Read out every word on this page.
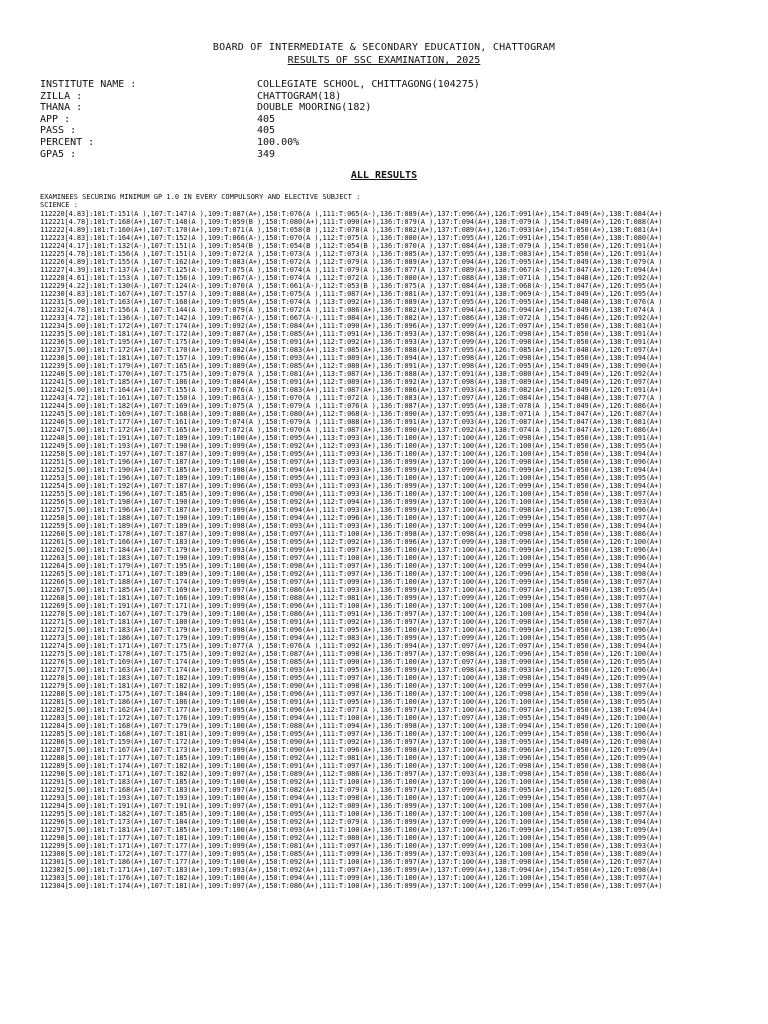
BOARD OF INTERMEDIATE & SECONDARY EDUCATION, CHATTOGRAM
RESULTS OF SSC EXAMINATION, 2025
INSTITUTE NAME :	COLLEGIATE SCHOOL, CHITTAGONG(104275)
ZILLA :	CHATTOGRAM(18)
THANA :	DOUBLE MOORING(182)
APP :	405
PASS :	405
PERCENT :	100.00%
GPA5 :	349
ALL RESULTS
EXAMINEES SECURING MINIMUM GP 1.0 IN EVERY COMPULSORY AND ELECTIVE SUBJECT :
SCIENCE :
112220[4.83]:101:T:151(A ),107:T:147(A ),109:T:087(A+),150:T:076(A ),111:T:065(A-),136:T:089(A+),137:T:096(A+),126:T:091(A+),154:T:049(A+),138:T:084(A+)
112221[4.78]:101:T:168(A+),107:T:148(A ),109:T:059(B ),150:T:080(A+),111:T:090(A+),136:T:079(A ),137:T:094(A+),138:T:079(A ),154:T:049(A+),126:T:088(A+)
112222[4.89]:101:T:160(A+),107:T:170(A+),109:T:071(A ),150:T:058(B ),112:T:078(A ),136:T:082(A+),137:T:089(A+),126:T:093(A+),154:T:050(A+),138:T:081(A+)
112223[4.83]:101:T:164(A+),107:T:152(A ),109:T:066(A-),150:T:070(A ),112:T:075(A ),136:T:080(A+),137:T:095(A+),126:T:091(A+),154:T:050(A+),138:T:080(A+)
112224[4.17]:101:T:132(A-),107:T:151(A ),109:T:054(B ),150:T:054(B ),112:T:054(B ),136:T:070(A ),137:T:084(A+),138:T:079(A ),154:T:050(A+),126:T:091(A+)
112225[4.78]:101:T:156(A ),107:T:151(A ),109:T:072(A ),150:T:073(A ),112:T:073(A ),136:T:085(A+),137:T:095(A+),138:T:083(A+),154:T:050(A+),126:T:091(A+)
112226[4.89]:101:T:155(A ),107:T:162(A+),109:T:083(A+),150:T:072(A ),112:T:079(A ),136:T:089(A+),137:T:094(A+),126:T:095(A+),154:T:049(A+),138:T:079(A )
112227[4.39]:101:T:137(A-),107:T:125(A-),109:T:075(A ),150:T:074(A ),111:T:079(A ),136:T:077(A ),137:T:089(A+),138:T:067(A-),154:T:047(A+),126:T:094(A+)
112228[4.61]:101:T:153(A ),107:T:156(A ),109:T:067(A-),150:T:074(A ),112:T:072(A ),136:T:080(A+),137:T:088(A+),138:T:071(A ),154:T:048(A+),126:T:092(A+)
112229[4.22]:101:T:130(A-),107:T:124(A-),109:T:070(A ),150:T:061(A-),112:T:053(B ),136:T:075(A ),137:T:084(A+),138:T:068(A-),154:T:047(A+),126:T:095(A+)
112230[4.83]:101:T:167(A+),107:T:157(A ),109:T:088(A+),150:T:075(A ),111:T:087(A+),136:T:081(A+),137:T:091(A+),138:T:069(A-),154:T:049(A+),126:T:095(A+)
112231[5.00]:101:T:163(A+),107:T:168(A+),109:T:095(A+),150:T:074(A ),113:T:092(A+),136:T:089(A+),137:T:095(A+),126:T:095(A+),154:T:048(A+),138:T:076(A )
112232[4.78]:101:T:156(A ),107:T:144(A ),109:T:079(A ),150:T:072(A ),111:T:086(A+),136:T:082(A+),137:T:094(A+),126:T:094(A+),154:T:049(A+),138:T:074(A )
112233[4.72]:101:T:136(A-),107:T:142(A ),109:T:067(A-),150:T:067(A-),111:T:084(A+),136:T:082(A+),137:T:086(A+),138:T:072(A ),154:T:046(A+),126:T:092(A+)
112234[5.00]:101:T:172(A+),107:T:174(A+),109:T:092(A+),150:T:084(A+),111:T:090(A+),136:T:096(A+),137:T:099(A+),126:T:097(A+),154:T:050(A+),138:T:081(A+)
112235[5.00]:101:T:181(A+),107:T:172(A+),109:T:087(A+),150:T:085(A+),111:T:091(A+),136:T:093(A+),137:T:098(A+),126:T:098(A+),154:T:050(A+),138:T:091(A+)
112236[5.00]:101:T:195(A+),107:T:175(A+),109:T:094(A+),150:T:091(A+),112:T:092(A+),136:T:093(A+),137:T:099(A+),126:T:098(A+),154:T:050(A+),138:T:091(A+)
112237[5.00]:101:T:172(A+),107:T:170(A+),109:T:082(A+),150:T:083(A+),113:T:085(A+),136:T:088(A+),137:T:095(A+),126:T:085(A+),154:T:048(A+),126:T:097(A+)
112238[5.00]:101:T:181(A+),107:T:157(A ),109:T:096(A+),150:T:093(A+),111:T:089(A+),136:T:094(A+),137:T:098(A+),126:T:098(A+),154:T:050(A+),138:T:094(A+)
112239[5.00]:101:T:179(A+),107:T:165(A+),109:T:089(A+),150:T:085(A+),112:T:080(A+),136:T:091(A+),137:T:098(A+),126:T:095(A+),154:T:049(A+),138:T:090(A+)
112240[5.00]:101:T:170(A+),107:T:175(A+),109:T:079(A ),150:T:081(A+),113:T:087(A+),136:T:088(A+),137:T:091(A+),138:T:080(A+),154:T:049(A+),126:T:092(A+)
112241[5.00]:101:T:185(A+),107:T:186(A+),109:T:084(A+),150:T:091(A+),112:T:089(A+),136:T:092(A+),137:T:098(A+),138:T:089(A+),154:T:049(A+),126:T:097(A+)
112242[5.00]:101:T:164(A+),107:T:155(A ),109:T:076(A ),150:T:083(A+),111:T:087(A+),136:T:086(A+),137:T:093(A+),138:T:082(A+),154:T:049(A+),126:T:091(A+)
112243[4.72]:101:T:161(A+),107:T:150(A ),109:T:063(A-),150:T:070(A ),111:T:072(A ),136:T:083(A+),137:T:097(A+),126:T:084(A+),154:T:048(A+),138:T:077(A )
112244[5.00]:101:T:182(A+),107:T:169(A+),109:T:075(A ),150:T:079(A ),111:T:076(A ),136:T:087(A+),137:T:095(A+),138:T:078(A ),154:T:049(A+),126:T:086(A+)
112245[5.00]:101:T:169(A+),107:T:168(A+),109:T:080(A+),150:T:080(A+),112:T:068(A-),136:T:090(A+),137:T:095(A+),138:T:071(A ),154:T:047(A+),126:T:087(A+)
112246[5.00]:101:T:177(A+),107:T:161(A+),109:T:074(A ),150:T:079(A ),111:T:088(A+),136:T:091(A+),137:T:093(A+),126:T:087(A+),154:T:047(A+),138:T:081(A+)
112247[5.00]:101:T:172(A+),107:T:165(A+),109:T:072(A ),150:T:070(A ),111:T:087(A+),136:T:090(A+),137:T:092(A+),138:T:074(A ),154:T:047(A+),126:T:086(A+)
112248[5.00]:101:T:191(A+),107:T:189(A+),109:T:100(A+),150:T:095(A+),113:T:093(A+),136:T:100(A+),137:T:100(A+),126:T:098(A+),154:T:050(A+),138:T:091(A+)
112249[5.00]:101:T:193(A+),107:T:190(A+),109:T:099(A+),150:T:092(A+),112:T:093(A+),136:T:100(A+),137:T:100(A+),126:T:100(A+),154:T:050(A+),138:T:095(A+)
112250[5.00]:101:T:197(A+),107:T:187(A+),109:T:099(A+),150:T:095(A+),111:T:093(A+),136:T:100(A+),137:T:100(A+),126:T:100(A+),154:T:050(A+),138:T:094(A+)
112251[5.00]:101:T:196(A+),107:T:187(A+),109:T:100(A+),150:T:097(A+),113:T:093(A+),136:T:099(A+),137:T:100(A+),126:T:098(A+),154:T:050(A+),138:T:096(A+)
112252[5.00]:101:T:190(A+),107:T:185(A+),109:T:098(A+),150:T:094(A+),111:T:093(A+),136:T:099(A+),137:T:099(A+),126:T:099(A+),154:T:050(A+),138:T:094(A+)
112253[5.00]:101:T:196(A+),107:T:189(A+),109:T:100(A+),150:T:095(A+),111:T:093(A+),136:T:100(A+),137:T:100(A+),126:T:100(A+),154:T:050(A+),138:T:095(A+)
112254[5.00]:101:T:192(A+),107:T:187(A+),109:T:096(A+),150:T:093(A+),111:T:093(A+),136:T:099(A+),137:T:100(A+),126:T:099(A+),154:T:050(A+),138:T:094(A+)
112255[5.00]:101:T:196(A+),107:T:185(A+),109:T:096(A+),150:T:090(A+),111:T:093(A+),136:T:100(A+),137:T:100(A+),126:T:100(A+),154:T:050(A+),138:T:097(A+)
112256[5.00]:101:T:198(A+),107:T:190(A+),109:T:096(A+),150:T:092(A+),112:T:094(A+),136:T:099(A+),137:T:100(A+),126:T:100(A+),154:T:050(A+),138:T:093(A+)
112257[5.00]:101:T:196(A+),107:T:187(A+),109:T:099(A+),150:T:094(A+),111:T:093(A+),136:T:099(A+),137:T:100(A+),126:T:098(A+),154:T:050(A+),138:T:096(A+)
112258[5.00]:101:T:188(A+),107:T:190(A+),109:T:100(A+),150:T:094(A+),112:T:096(A+),136:T:100(A+),137:T:100(A+),126:T:099(A+),154:T:050(A+),138:T:097(A+)
112259[5.00]:101:T:189(A+),107:T:189(A+),109:T:098(A+),150:T:093(A+),111:T:093(A+),136:T:100(A+),137:T:100(A+),126:T:099(A+),154:T:050(A+),138:T:094(A+)
112260[5.00]:101:T:178(A+),107:T:187(A+),109:T:098(A+),150:T:097(A+),111:T:100(A+),136:T:098(A+),137:T:098(A+),126:T:098(A+),154:T:050(A+),138:T:086(A+)
112261[5.00]:101:T:166(A+),107:T:183(A+),109:T:096(A+),150:T:095(A+),112:T:092(A+),136:T:096(A+),137:T:099(A+),138:T:096(A+),154:T:050(A+),126:T:100(A+)
112262[5.00]:101:T:184(A+),107:T:179(A+),109:T:093(A+),150:T:099(A+),111:T:097(A+),136:T:100(A+),137:T:100(A+),126:T:099(A+),154:T:050(A+),138:T:096(A+)
112263[5.00]:101:T:183(A+),107:T:190(A+),109:T:098(A+),150:T:097(A+),111:T:100(A+),136:T:100(A+),137:T:100(A+),126:T:100(A+),154:T:050(A+),138:T:096(A+)
112264[5.00]:101:T:179(A+),107:T:195(A+),109:T:100(A+),150:T:098(A+),111:T:097(A+),136:T:100(A+),137:T:100(A+),126:T:099(A+),154:T:050(A+),138:T:094(A+)
112265[5.00]:101:T:171(A+),107:T:189(A+),109:T:100(A+),150:T:092(A+),111:T:097(A+),136:T:100(A+),137:T:100(A+),126:T:096(A+),154:T:050(A+),138:T:098(A+)
112266[5.00]:101:T:188(A+),107:T:174(A+),109:T:099(A+),150:T:097(A+),111:T:099(A+),136:T:100(A+),137:T:100(A+),126:T:099(A+),154:T:050(A+),138:T:097(A+)
112267[5.00]:101:T:185(A+),107:T:169(A+),109:T:097(A+),150:T:086(A+),111:T:093(A+),136:T:099(A+),137:T:100(A+),126:T:097(A+),154:T:049(A+),138:T:095(A+)
112268[5.00]:101:T:181(A+),107:T:166(A+),109:T:098(A+),150:T:088(A+),112:T:081(A+),136:T:099(A+),137:T:099(A+),126:T:099(A+),154:T:050(A+),138:T:097(A+)
112269[5.00]:101:T:191(A+),107:T:171(A+),109:T:099(A+),150:T:096(A+),111:T:100(A+),136:T:100(A+),137:T:100(A+),126:T:100(A+),154:T:050(A+),138:T:097(A+)
112270[5.00]:101:T:167(A+),107:T:179(A+),109:T:100(A+),150:T:086(A+),111:T:091(A+),136:T:097(A+),137:T:100(A+),126:T:100(A+),154:T:050(A+),138:T:094(A+)
112271[5.00]:101:T:181(A+),107:T:180(A+),109:T:091(A+),150:T:091(A+),111:T:092(A+),136:T:097(A+),137:T:100(A+),126:T:098(A+),154:T:050(A+),138:T:097(A+)
112272[5.00]:101:T:183(A+),107:T:179(A+),109:T:098(A+),150:T:096(A+),111:T:095(A+),136:T:100(A+),137:T:100(A+),126:T:099(A+),154:T:050(A+),138:T:096(A+)
112273[5.00]:101:T:186(A+),107:T:179(A+),109:T:099(A+),150:T:094(A+),112:T:083(A+),136:T:099(A+),137:T:099(A+),126:T:100(A+),154:T:050(A+),138:T:095(A+)
112274[5.00]:101:T:171(A+),107:T:175(A+),109:T:077(A ),150:T:076(A ),111:T:092(A+),136:T:094(A+),137:T:097(A+),126:T:097(A+),154:T:050(A+),138:T:094(A+)
112275[5.00]:101:T:178(A+),107:T:175(A+),109:T:092(A+),150:T:087(A+),111:T:098(A+),136:T:097(A+),137:T:098(A+),126:T:096(A+),154:T:050(A+),126:T:100(A+)
112276[5.00]:101:T:169(A+),107:T:174(A+),109:T:095(A+),150:T:085(A+),111:T:090(A+),136:T:100(A+),137:T:097(A+),138:T:090(A+),154:T:050(A+),126:T:095(A+)
112277[5.00]:101:T:163(A+),107:T:174(A+),109:T:098(A+),150:T:093(A+),111:T:095(A+),136:T:099(A+),137:T:098(A+),138:T:093(A+),154:T:050(A+),126:T:096(A+)
112278[5.00]:101:T:183(A+),107:T:182(A+),109:T:099(A+),150:T:095(A+),111:T:097(A+),136:T:100(A+),137:T:100(A+),138:T:098(A+),154:T:049(A+),126:T:099(A+)
112279[5.00]:101:T:181(A+),107:T:182(A+),109:T:095(A+),150:T:090(A+),111:T:098(A+),136:T:100(A+),137:T:100(A+),126:T:099(A+),154:T:050(A+),138:T:097(A+)
112280[5.00]:101:T:175(A+),107:T:184(A+),109:T:100(A+),150:T:096(A+),111:T:097(A+),136:T:100(A+),137:T:100(A+),126:T:098(A+),154:T:050(A+),138:T:099(A+)
112281[5.00]:101:T:186(A+),107:T:186(A+),109:T:100(A+),150:T:091(A+),111:T:095(A+),136:T:100(A+),137:T:100(A+),126:T:100(A+),154:T:050(A+),138:T:095(A+)
112282[5.00]:101:T:162(A+),107:T:177(A+),109:T:095(A+),150:T:096(A+),112:T:077(A ),136:T:097(A+),137:T:100(A+),126:T:097(A+),154:T:050(A+),138:T:094(A+)
112283[5.00]:101:T:172(A+),107:T:176(A+),109:T:099(A+),150:T:094(A+),111:T:100(A+),136:T:100(A+),137:T:097(A+),138:T:095(A+),154:T:049(A+),126:T:100(A+)
112284[5.00]:101:T:168(A+),107:T:179(A+),109:T:100(A+),150:T:088(A+),111:T:094(A+),136:T:098(A+),137:T:100(A+),138:T:094(A+),154:T:050(A+),126:T:100(A+)
112285[5.00]:101:T:168(A+),107:T:181(A+),109:T:099(A+),150:T:095(A+),111:T:097(A+),136:T:100(A+),137:T:100(A+),126:T:099(A+),154:T:050(A+),138:T:096(A+)
112286[5.00]:101:T:159(A+),107:T:172(A+),109:T:094(A+),150:T:090(A+),111:T:092(A+),136:T:097(A+),137:T:100(A+),138:T:095(A+),154:T:049(A+),126:T:098(A+)
112287[5.00]:101:T:167(A+),107:T:173(A+),109:T:099(A+),150:T:090(A+),111:T:096(A+),136:T:098(A+),137:T:100(A+),138:T:096(A+),154:T:050(A+),126:T:099(A+)
112288[5.00]:101:T:177(A+),107:T:185(A+),109:T:100(A+),150:T:092(A+),112:T:081(A+),136:T:100(A+),137:T:100(A+),138:T:096(A+),154:T:050(A+),126:T:099(A+)
112289[5.00]:101:T:174(A+),107:T:182(A+),109:T:100(A+),150:T:091(A+),111:T:097(A+),136:T:100(A+),137:T:100(A+),126:T:098(A+),154:T:050(A+),138:T:098(A+)
112290[5.00]:101:T:171(A+),107:T:182(A+),109:T:097(A+),150:T:089(A+),112:T:086(A+),136:T:097(A+),137:T:093(A+),138:T:098(A+),154:T:050(A+),138:T:086(A+)
112291[5.00]:101:T:183(A+),107:T:185(A+),109:T:100(A+),150:T:092(A+),111:T:100(A+),136:T:100(A+),137:T:100(A+),126:T:100(A+),154:T:050(A+),138:T:098(A+)
112292[5.00]:101:T:168(A+),107:T:183(A+),109:T:097(A+),150:T:082(A+),112:T:079(A ),136:T:097(A+),137:T:099(A+),138:T:095(A+),154:T:050(A+),126:T:085(A+)
112293[5.00]:101:T:193(A+),107:T:193(A+),109:T:100(A+),150:T:094(A+),113:T:098(A+),136:T:100(A+),137:T:100(A+),126:T:099(A+),154:T:050(A+),138:T:097(A+)
112294[5.00]:101:T:191(A+),107:T:191(A+),109:T:097(A+),150:T:091(A+),112:T:089(A+),136:T:099(A+),137:T:100(A+),126:T:100(A+),154:T:050(A+),138:T:097(A+)
112295[5.00]:101:T:182(A+),107:T:185(A+),109:T:100(A+),150:T:095(A+),111:T:100(A+),136:T:100(A+),137:T:100(A+),126:T:100(A+),154:T:050(A+),138:T:097(A+)
112296[5.00]:101:T:173(A+),107:T:184(A+),109:T:100(A+),150:T:092(A+),112:T:079(A ),136:T:099(A+),137:T:099(A+),126:T:100(A+),154:T:050(A+),138:T:094(A+)
112297[5.00]:101:T:181(A+),107:T:185(A+),109:T:100(A+),150:T:093(A+),111:T:100(A+),136:T:100(A+),137:T:100(A+),126:T:099(A+),154:T:050(A+),138:T:099(A+)
112298[5.00]:101:T:177(A+),107:T:181(A+),109:T:100(A+),150:T:092(A+),112:T:080(A+),136:T:100(A+),137:T:100(A+),126:T:100(A+),154:T:050(A+),138:T:099(A+)
112299[5.00]:101:T:171(A+),107:T:177(A+),109:T:099(A+),150:T:081(A+),111:T:097(A+),136:T:100(A+),137:T:099(A+),126:T:100(A+),154:T:050(A+),138:T:093(A+)
112300[5.00]:101:T:172(A+),107:T:177(A+),109:T:095(A+),150:T:085(A+),111:T:099(A+),136:T:099(A+),137:T:093(A+),126:T:100(A+),154:T:050(A+),138:T:089(A+)
112301[5.00]:101:T:186(A+),107:T:177(A+),109:T:100(A+),150:T:092(A+),111:T:100(A+),136:T:097(A+),137:T:100(A+),138:T:098(A+),154:T:050(A+),126:T:097(A+)
112302[5.00]:101:T:171(A+),107:T:183(A+),109:T:093(A+),150:T:092(A+),111:T:097(A+),136:T:099(A+),137:T:099(A+),138:T:094(A+),154:T:050(A+),126:T:098(A+)
112303[5.00]:101:T:176(A+),107:T:182(A+),109:T:100(A+),150:T:094(A+),111:T:099(A+),136:T:100(A+),137:T:100(A+),126:T:100(A+),154:T:050(A+),138:T:097(A+)
112304[5.00]:101:T:174(A+),107:T:181(A+),109:T:097(A+),150:T:086(A+),111:T:100(A+),136:T:099(A+),137:T:100(A+),126:T:099(A+),154:T:050(A+),138:T:097(A+)
